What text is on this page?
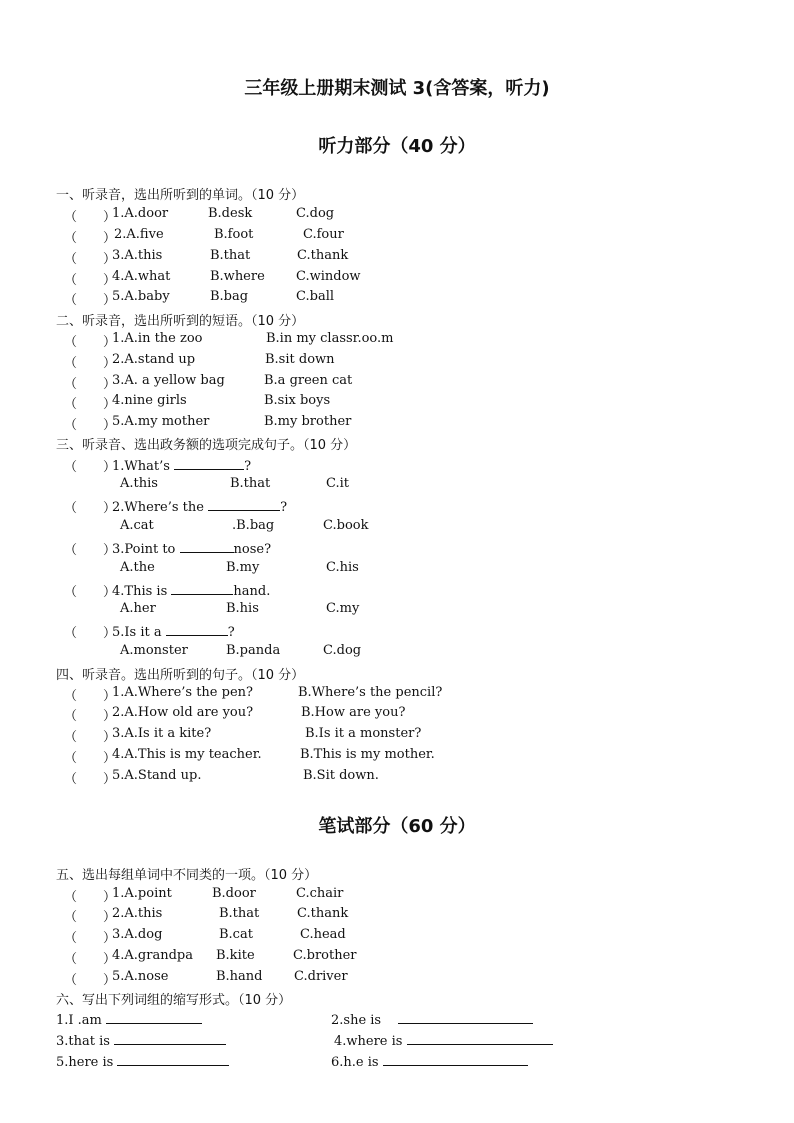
三年级上册期末测试 3(含答案，听力)
听力部分（40 分）
一、听录音，选出所听到的单词。（10 分）
（　　）
1.A.door	B.desk	C.dog
（　　）
2.A.five	B.foot	C.four
（　　）
3.A.this	B.that	C.thank
（　　）
4.A.what	B.where C.window
（　　）
5.A.baby	B.bag	C.ball
二、听录音，选出所听到的短语。（10 分）
（　　）
1.A.in the zoo	B.in my classr.oo.m
（　　）
2.A.stand up	B.sit down
（　　）
3.A. a yellow bag	B.a green cat
（　　）
4.nine girls	B.six boys
（　　）
5.A.my mother	B.my brother
三、听录音、选出政务额的选项完成句子。（10 分）
（　　）
1.What’s	?
A.this	B.that	C.it
（　　）
2.Where’s the	?
A.cat	.B.bag	C.book
（　　）
3.Point to	nose?
A.the	B.my	C.his
（　　）
4.This is	hand.
A.her	B.his	C.my
（　　）
5.Is it a	?
A.monster	B.panda	C.dog
四、听录音。选出所听到的句子。（10 分）
（　　）
1.A.Where’s the pen?	B.Where’s the pencil?
（　　）
2.A.How old are you?	B.How are you?
（　　）
3.A.Is it a kite?	B.Is it a monster?
（　　）
4.A.This is my teacher.	B.This is my mother.
（　　）
5.A.Stand up.	B.Sit down.
笔试部分（60 分）
五、选出每组单词中不同类的一项。（10 分）
（　　）
1.A.point	B.door	C.chair
（　　）
2.A.this	B.that	C.thank
（　　）
3.A.dog	B.cat	C.head
（　　）
4.A.grandpa B.kite	C.brother
（　　）
5.A.nose	B.hand C.driver
六、写出下列词组的缩写形式。（10 分）
1.I .am	2.she is
3.that is	4.where is
5.here is	6.h.e is
